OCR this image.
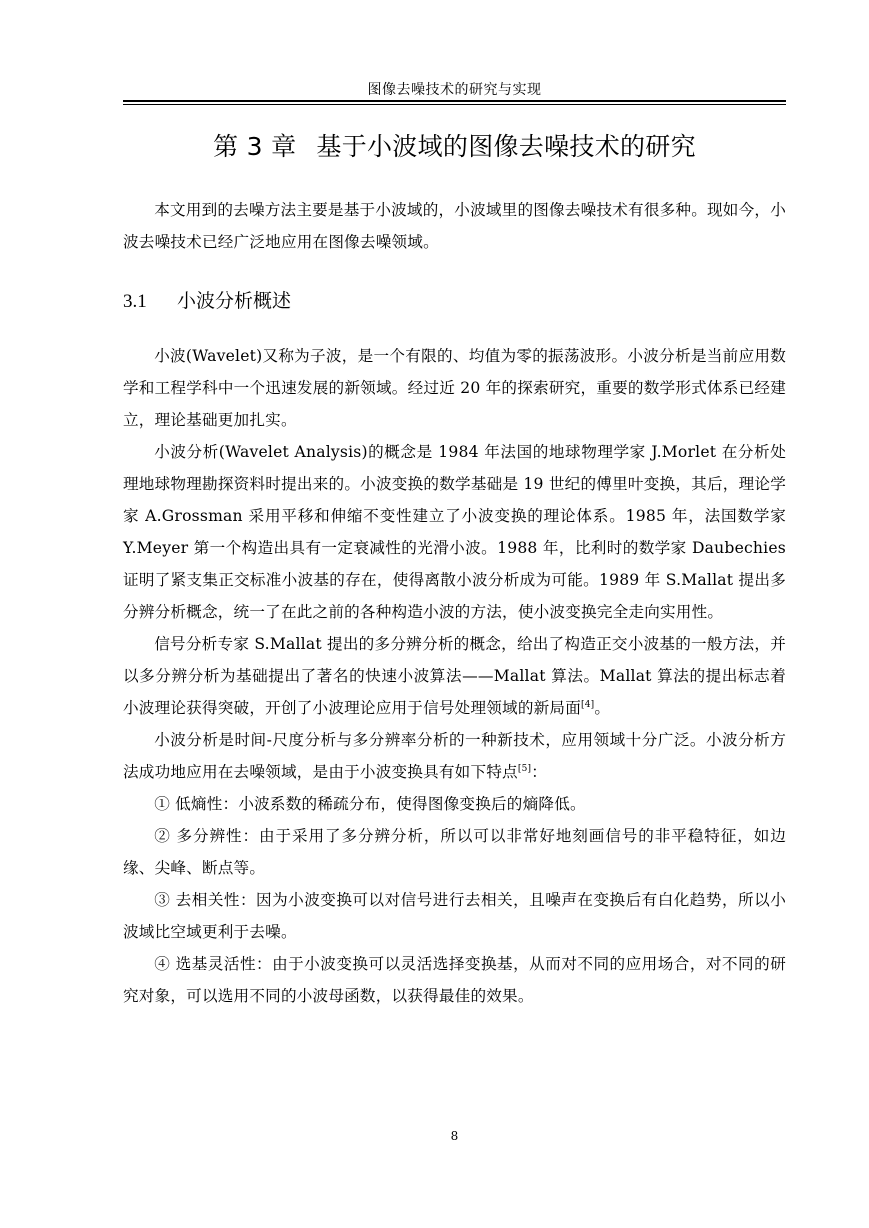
图像去噪技术的研究与实现
第 3 章 基于小波域的图像去噪技术的研究

本文用到的去噪方法主要是基于小波域的，小波域里的图像去噪技术有很多种。现如今，小波去噪技术已经广泛地应用在图像去噪领域。

3.1 小波分析概述

小波(Wavelet)又称为子波，是一个有限的、均值为零的振荡波形。小波分析是当前应用数学和工程学科中一个迅速发展的新领域。经过近 20 年的探索研究，重要的数学形式体系已经建立，理论基础更加扎实。

小波分析(Wavelet Analysis)的概念是 1984 年法国的地球物理学家 J.Morlet 在分析处理地球物理勘探资料时提出来的。小波变换的数学基础是 19 世纪的傅里叶变换，其后，理论学家 A.Grossman 采用平移和伸缩不变性建立了小波变换的理论体系。1985 年，法国数学家 Y.Meyer 第一个构造出具有一定衰减性的光滑小波。1988 年，比利时的数学家 Daubechies 证明了紧支集正交标准小波基的存在，使得离散小波分析成为可能。1989 年 S.Mallat 提出多分辨分析概念，统一了在此之前的各种构造小波的方法，使小波变换完全走向实用性。

信号分析专家 S.Mallat 提出的多分辨分析的概念，给出了构造正交小波基的一般方法，并以多分辨分析为基础提出了著名的快速小波算法——Mallat 算法。Mallat 算法的提出标志着小波理论获得突破，开创了小波理论应用于信号处理领域的新局面[4]。

小波分析是时间-尺度分析与多分辨率分析的一种新技术，应用领域十分广泛。小波分析方法成功地应用在去噪领域，是由于小波变换具有如下特点[5]：

① 低熵性：小波系数的稀疏分布，使得图像变换后的熵降低。

② 多分辨性：由于采用了多分辨分析，所以可以非常好地刻画信号的非平稳特征，如边缘、尖峰、断点等。

③ 去相关性：因为小波变换可以对信号进行去相关，且噪声在变换后有白化趋势，所以小波域比空域更利于去噪。

④ 选基灵活性：由于小波变换可以灵活选择变换基，从而对不同的应用场合，对不同的研究对象，可以选用不同的小波母函数，以获得最佳的效果。

8
